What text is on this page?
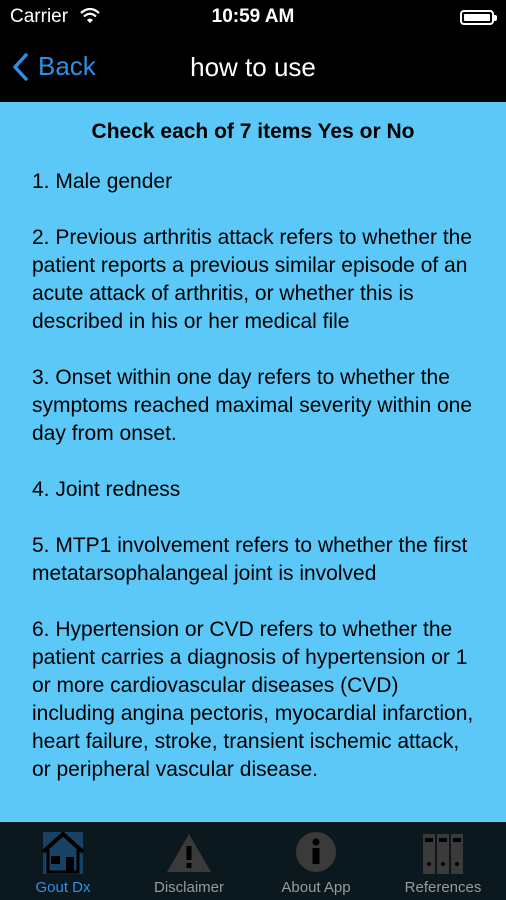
Carrier	10:59 AM
Back	how to use
Check each of 7 items Yes or No
1. Male gender
2. Previous arthritis attack refers to whether the patient reports a previous similar episode of an acute attack of arthritis, or whether this is described in his or her medical file
3. Onset within one day refers to whether the symptoms reached maximal severity within one day from onset.
4. Joint redness
5. MTP1 involvement refers to whether the first metatarsophalangeal joint is involved
6. Hypertension or CVD refers to whether the patient carries a diagnosis of hypertension or 1 or more cardiovascular diseases (CVD) including angina pectoris, myocardial infarction, heart failure, stroke, transient ischemic attack, or peripheral vascular disease.
Gout Dx	Disclaimer	About App	References
